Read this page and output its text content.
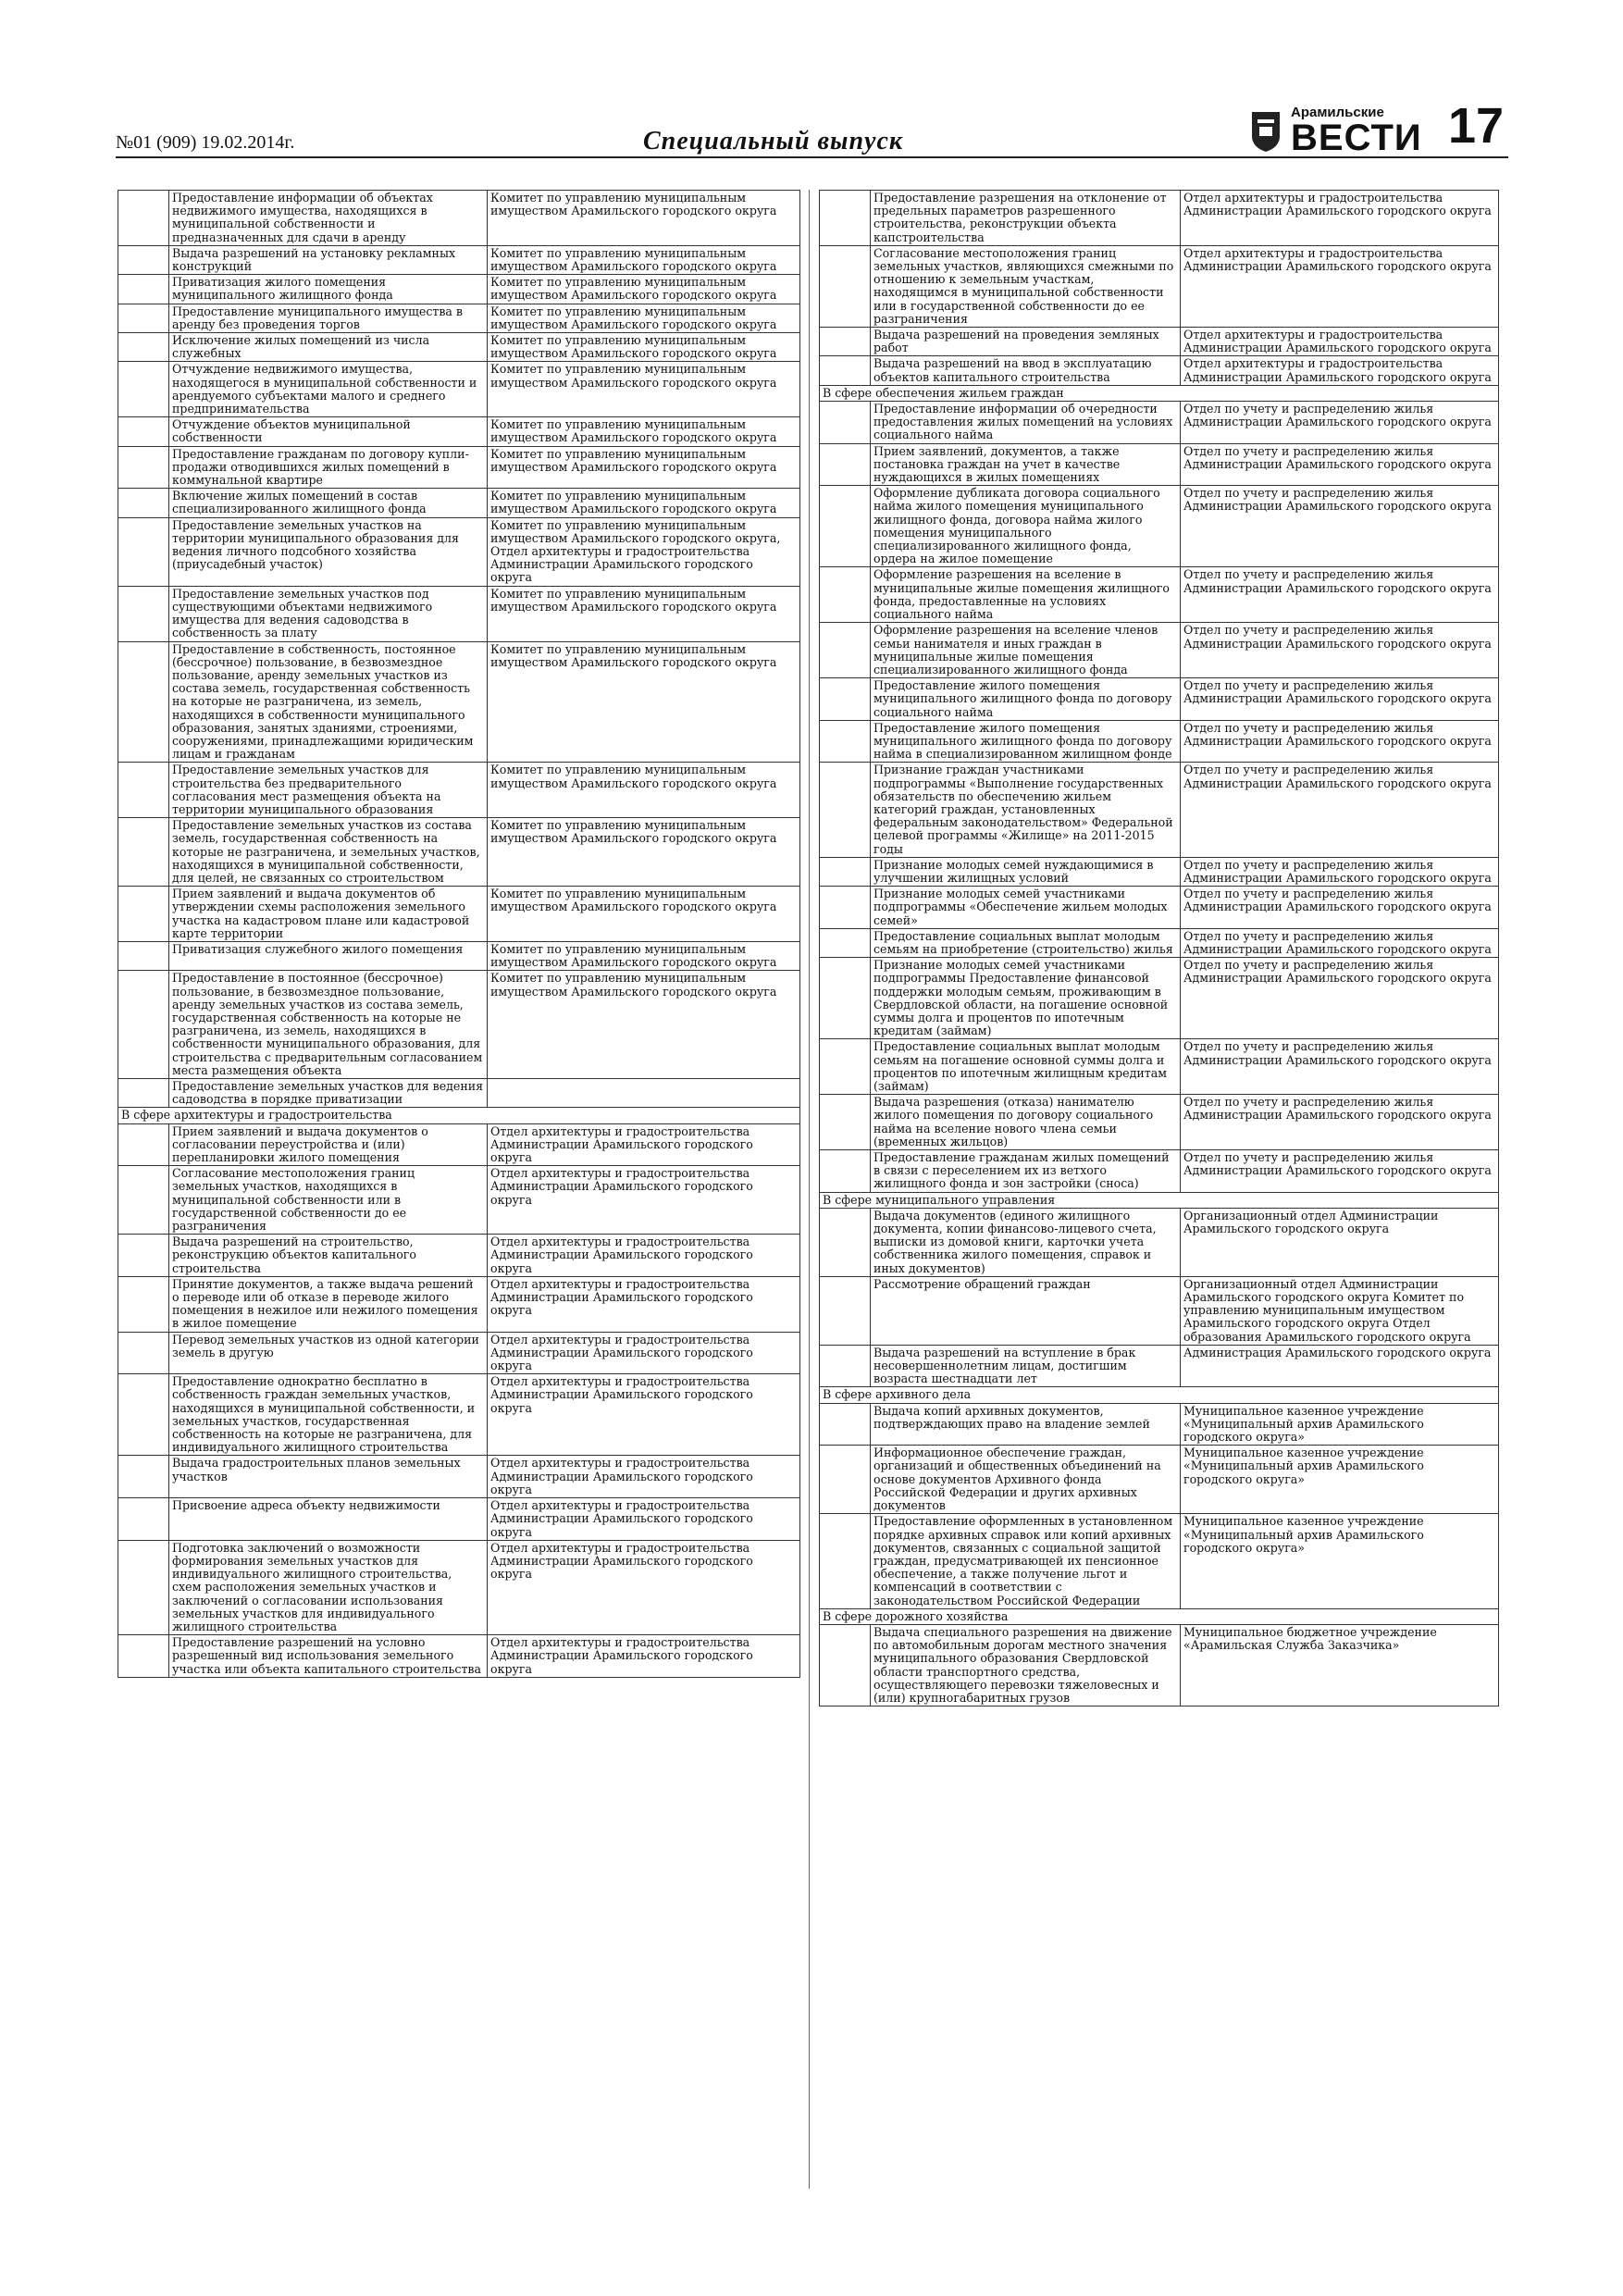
№01 (909) 19.02.2014г.	Специальный выпуск
Арамильские
ВЕСТИ 17
	Предоставление информации об объектах недвижимого имущества, находящихся в муниципальной собственности и предназначенных для сдачи в аренду	Комитет по управлению муниципальным имуществом Арамильского городского округа
	Выдача разрешений на установку рекламных конструкций	Комитет по управлению муниципальным имуществом Арамильского городского округа
	Приватизация жилого помещения муниципального жилищного фонда	Комитет по управлению муниципальным имуществом Арамильского городского округа
	Предоставление муниципального имущества в аренду без проведения торгов	Комитет по управлению муниципальным имуществом Арамильского городского округа
	Исключение жилых помещений из числа служебных	Комитет по управлению муниципальным имуществом Арамильского городского округа
	Отчуждение недвижимого имущества, находящегося в муниципальной собственности и арендуемого субъектами малого и среднего предпринимательства	Комитет по управлению муниципальным имуществом Арамильского городского округа
	Отчуждение объектов муниципальной собственности	Комитет по управлению муниципальным имуществом Арамильского городского округа
	Предоставление гражданам по договору купли-продажи отводившихся жилых помещений в коммунальной квартире	Комитет по управлению муниципальным имуществом Арамильского городского округа
	Включение жилых помещений в состав специализированного жилищного фонда	Комитет по управлению муниципальным имуществом Арамильского городского округа
	Предоставление земельных участков на территории муниципального образования для ведения личного подсобного хозяйства (приусадебный участок)	Комитет по управлению муниципальным имуществом Арамильского городского округа, Отдел архитектуры и градостроительства Администрации Арамильского городского округа
	Предоставление земельных участков под существующими объектами недвижимого имущества для ведения садоводства в собственность за плату	Комитет по управлению муниципальным имуществом Арамильского городского округа
	Предоставление в собственность, постоянное (бессрочное) пользование, в безвозмездное пользование, аренду земельных участков из состава земель, государственная собственность на которые не разграничена, из земель, находящихся в собственности муниципального образования, занятых зданиями, строениями, сооружениями, принадлежащими юридическим лицам и гражданам	Комитет по управлению муниципальным имуществом Арамильского городского округа
	Предоставление земельных участков для строительства без предварительного согласования мест размещения объекта на территории муниципального образования	Комитет по управлению муниципальным имуществом Арамильского городского округа
	Предоставление земельных участков из состава земель, государственная собственность на которые не разграничена, и земельных участков, находящихся в муниципальной собственности, для целей, не связанных со строительством	Комитет по управлению муниципальным имуществом Арамильского городского округа
	Прием заявлений и выдача документов об утверждении схемы расположения земельного участка на кадастровом плане или кадастровой карте территории	Комитет по управлению муниципальным имуществом Арамильского городского округа
	Приватизация служебного жилого помещения	Комитет по управлению муниципальным имуществом Арамильского городского округа
	Предоставление в постоянное (бессрочное) пользование, в безвозмездное пользование, аренду земельных участков из состава земель, государственная собственность на которые не разграничена, из земель, находящихся в собственности муниципального образования, для строительства с предварительным согласованием места размещения объекта	Комитет по управлению муниципальным имуществом Арамильского городского округа
	Предоставление земельных участков для ведения садоводства в порядке приватизации	
В сфере архитектуры и градостроительства		
	Прием заявлений и выдача документов о согласовании переустройства и (или) перепланировки жилого помещения	Отдел архитектуры и градостроительства Администрации Арамильского городского округа
	Согласование местоположения границ земельных участков, находящихся в муниципальной собственности или в государственной собственности до ее разграничения	Отдел архитектуры и градостроительства Администрации Арамильского городского округа
	Выдача разрешений на строительство, реконструкцию объектов капитального строительства	Отдел архитектуры и градостроительства Администрации Арамильского городского округа
	Принятие документов, а также выдача решений о переводе или об отказе в переводе жилого помещения в нежилое или нежилого помещения в жилое помещение	Отдел архитектуры и градостроительства Администрации Арамильского городского округа
	Перевод земельных участков из одной категории земель в другую	Отдел архитектуры и градостроительства Администрации Арамильского городского округа
	Предоставление однократно бесплатно в собственность граждан земельных участков, находящихся в муниципальной собственности, и земельных участков, государственная собственность на которые не разграничена, для индивидуального жилищного строительства	Отдел архитектуры и градостроительства Администрации Арамильского городского округа
	Выдача градостроительных планов земельных участков	Отдел архитектуры и градостроительства Администрации Арамильского городского округа
	Присвоение адреса объекту недвижимости	Отдел архитектуры и градостроительства Администрации Арамильского городского округа
	Подготовка заключений о возможности формирования земельных участков для индивидуального жилищного строительства, схем расположения земельных участков и заключений о согласовании использования земельных участков для индивидуального жилищного строительства	Отдел архитектуры и градостроительства Администрации Арамильского городского округа
	Предоставление разрешений на условно разрешенный вид использования земельного участка или объекта капитального строительства	Отдел архитектуры и градостроительства Администрации Арамильского городского округа
	Предоставление разрешения на отклонение от предельных параметров разрешенного строительства, реконструкции объекта капстроительства	Отдел архитектуры и градостроительства Администрации Арамильского городского округа
	Согласование местоположения границ земельных участков, являющихся смежными по отношению к земельным участкам, находящимся в муниципальной собственности или в государственной собственности до ее разграничения	Отдел архитектуры и градостроительства Администрации Арамильского городского округа
	Выдача разрешений на проведения земляных работ	Отдел архитектуры и градостроительства Администрации Арамильского городского округа
	Выдача разрешений на ввод в эксплуатацию объектов капитального строительства	Отдел архитектуры и градостроительства Администрации Арамильского городского округа
В сфере обеспечения жильем граждан		
	Предоставление информации об очередности предоставления жилых помещений на условиях социального найма	Отдел по учету и распределению жилья Администрации Арамильского городского округа
	Прием заявлений, документов, а также постановка граждан на учет в качестве нуждающихся в жилых помещениях	Отдел по учету и распределению жилья Администрации Арамильского городского округа
	Оформление дубликата договора социального найма жилого помещения муниципального жилищного фонда, договора найма жилого помещения муниципального специализированного жилищного фонда, ордера на жилое помещение	Отдел по учету и распределению жилья Администрации Арамильского городского округа
	Оформление разрешения на вселение в муниципальные жилые помещения жилищного фонда, предоставленные на условиях социального найма	Отдел по учету и распределению жилья Администрации Арамильского городского округа
	Оформление разрешения на вселение членов семьи нанимателя и иных граждан в муниципальные жилые помещения специализированного жилищного фонда	Отдел по учету и распределению жилья Администрации Арамильского городского округа
	Предоставление жилого помещения муниципального жилищного фонда по договору социального найма	Отдел по учету и распределению жилья Администрации Арамильского городского округа
	Предоставление жилого помещения муниципального жилищного фонда по договору найма в специализированном жилищном фонде	Отдел по учету и распределению жилья Администрации Арамильского городского округа
	Признание граждан участниками подпрограммы «Выполнение государственных обязательств по обеспечению жильем категорий граждан, установленных федеральным законодательством» Федеральной целевой программы «Жилище» на 2011-2015 годы	Отдел по учету и распределению жилья Администрации Арамильского городского округа
	Признание молодых семей нуждающимися в улучшении жилищных условий	Отдел по учету и распределению жилья Администрации Арамильского городского округа
	Признание молодых семей участниками подпрограммы «Обеспечение жильем молодых семей»	Отдел по учету и распределению жилья Администрации Арамильского городского округа
	Предоставление социальных выплат молодым семьям на приобретение (строительство) жилья	Отдел по учету и распределению жилья Администрации Арамильского городского округа
	Признание молодых семей участниками подпрограммы Предоставление финансовой поддержки молодым семьям, проживающим в Свердловской области, на погашение основной суммы долга и процентов по ипотечным кредитам (займам)	Отдел по учету и распределению жилья Администрации Арамильского городского округа
	Предоставление социальных выплат молодым семьям на погашение основной суммы долга и процентов по ипотечным жилищным кредитам (займам)	Отдел по учету и распределению жилья Администрации Арамильского городского округа
	Выдача разрешения (отказа) нанимателю жилого помещения по договору социального найма на вселение нового члена семьи (временных жильцов)	Отдел по учету и распределению жилья Администрации Арамильского городского округа
	Предоставление гражданам жилых помещений в связи с переселением их из ветхого жилищного фонда и зон застройки (сноса)	Отдел по учету и распределению жилья Администрации Арамильского городского округа
В сфере муниципального управления		
	Выдача документов (единого жилищного документа, копии финансово-лицевого счета, выписки из домовой книги, карточки учета собственника жилого помещения, справок и иных документов)	Организационный отдел Администрации Арамильского городского округа
	Рассмотрение обращений граждан	Организационный отдел Администрации Арамильского городского округа Комитет по управлению муниципальным имуществом Арамильского городского округа Отдел образования Арамильского городского округа
	Выдача разрешений на вступление в брак несовершеннолетним лицам, достигшим возраста шестнадцати лет	Администрация Арамильского городского округа
В сфере архивного дела		
	Выдача копий архивных документов, подтверждающих право на владение землей	Муниципальное казенное учреждение «Муниципальный архив Арамильского городского округа»
	Информационное обеспечение граждан, организаций и общественных объединений на основе документов Архивного фонда Российской Федерации и других архивных документов	Муниципальное казенное учреждение «Муниципальный архив Арамильского городского округа»
	Предоставление оформленных в установленном порядке архивных справок или копий архивных документов, связанных с социальной защитой граждан, предусматривающей их пенсионное обеспечение, а также получение льгот и компенсаций в соответствии с законодательством Российской Федерации	Муниципальное казенное учреждение «Муниципальный архив Арамильского городского округа»
В сфере дорожного хозяйства		
	Выдача специального разрешения на движение по автомобильным дорогам местного значения муниципального образования Свердловской области транспортного средства, осуществляющего перевозки тяжеловесных и (или) крупногабаритных грузов	Муниципальное бюджетное учреждение «Арамильская Служба Заказчика»
